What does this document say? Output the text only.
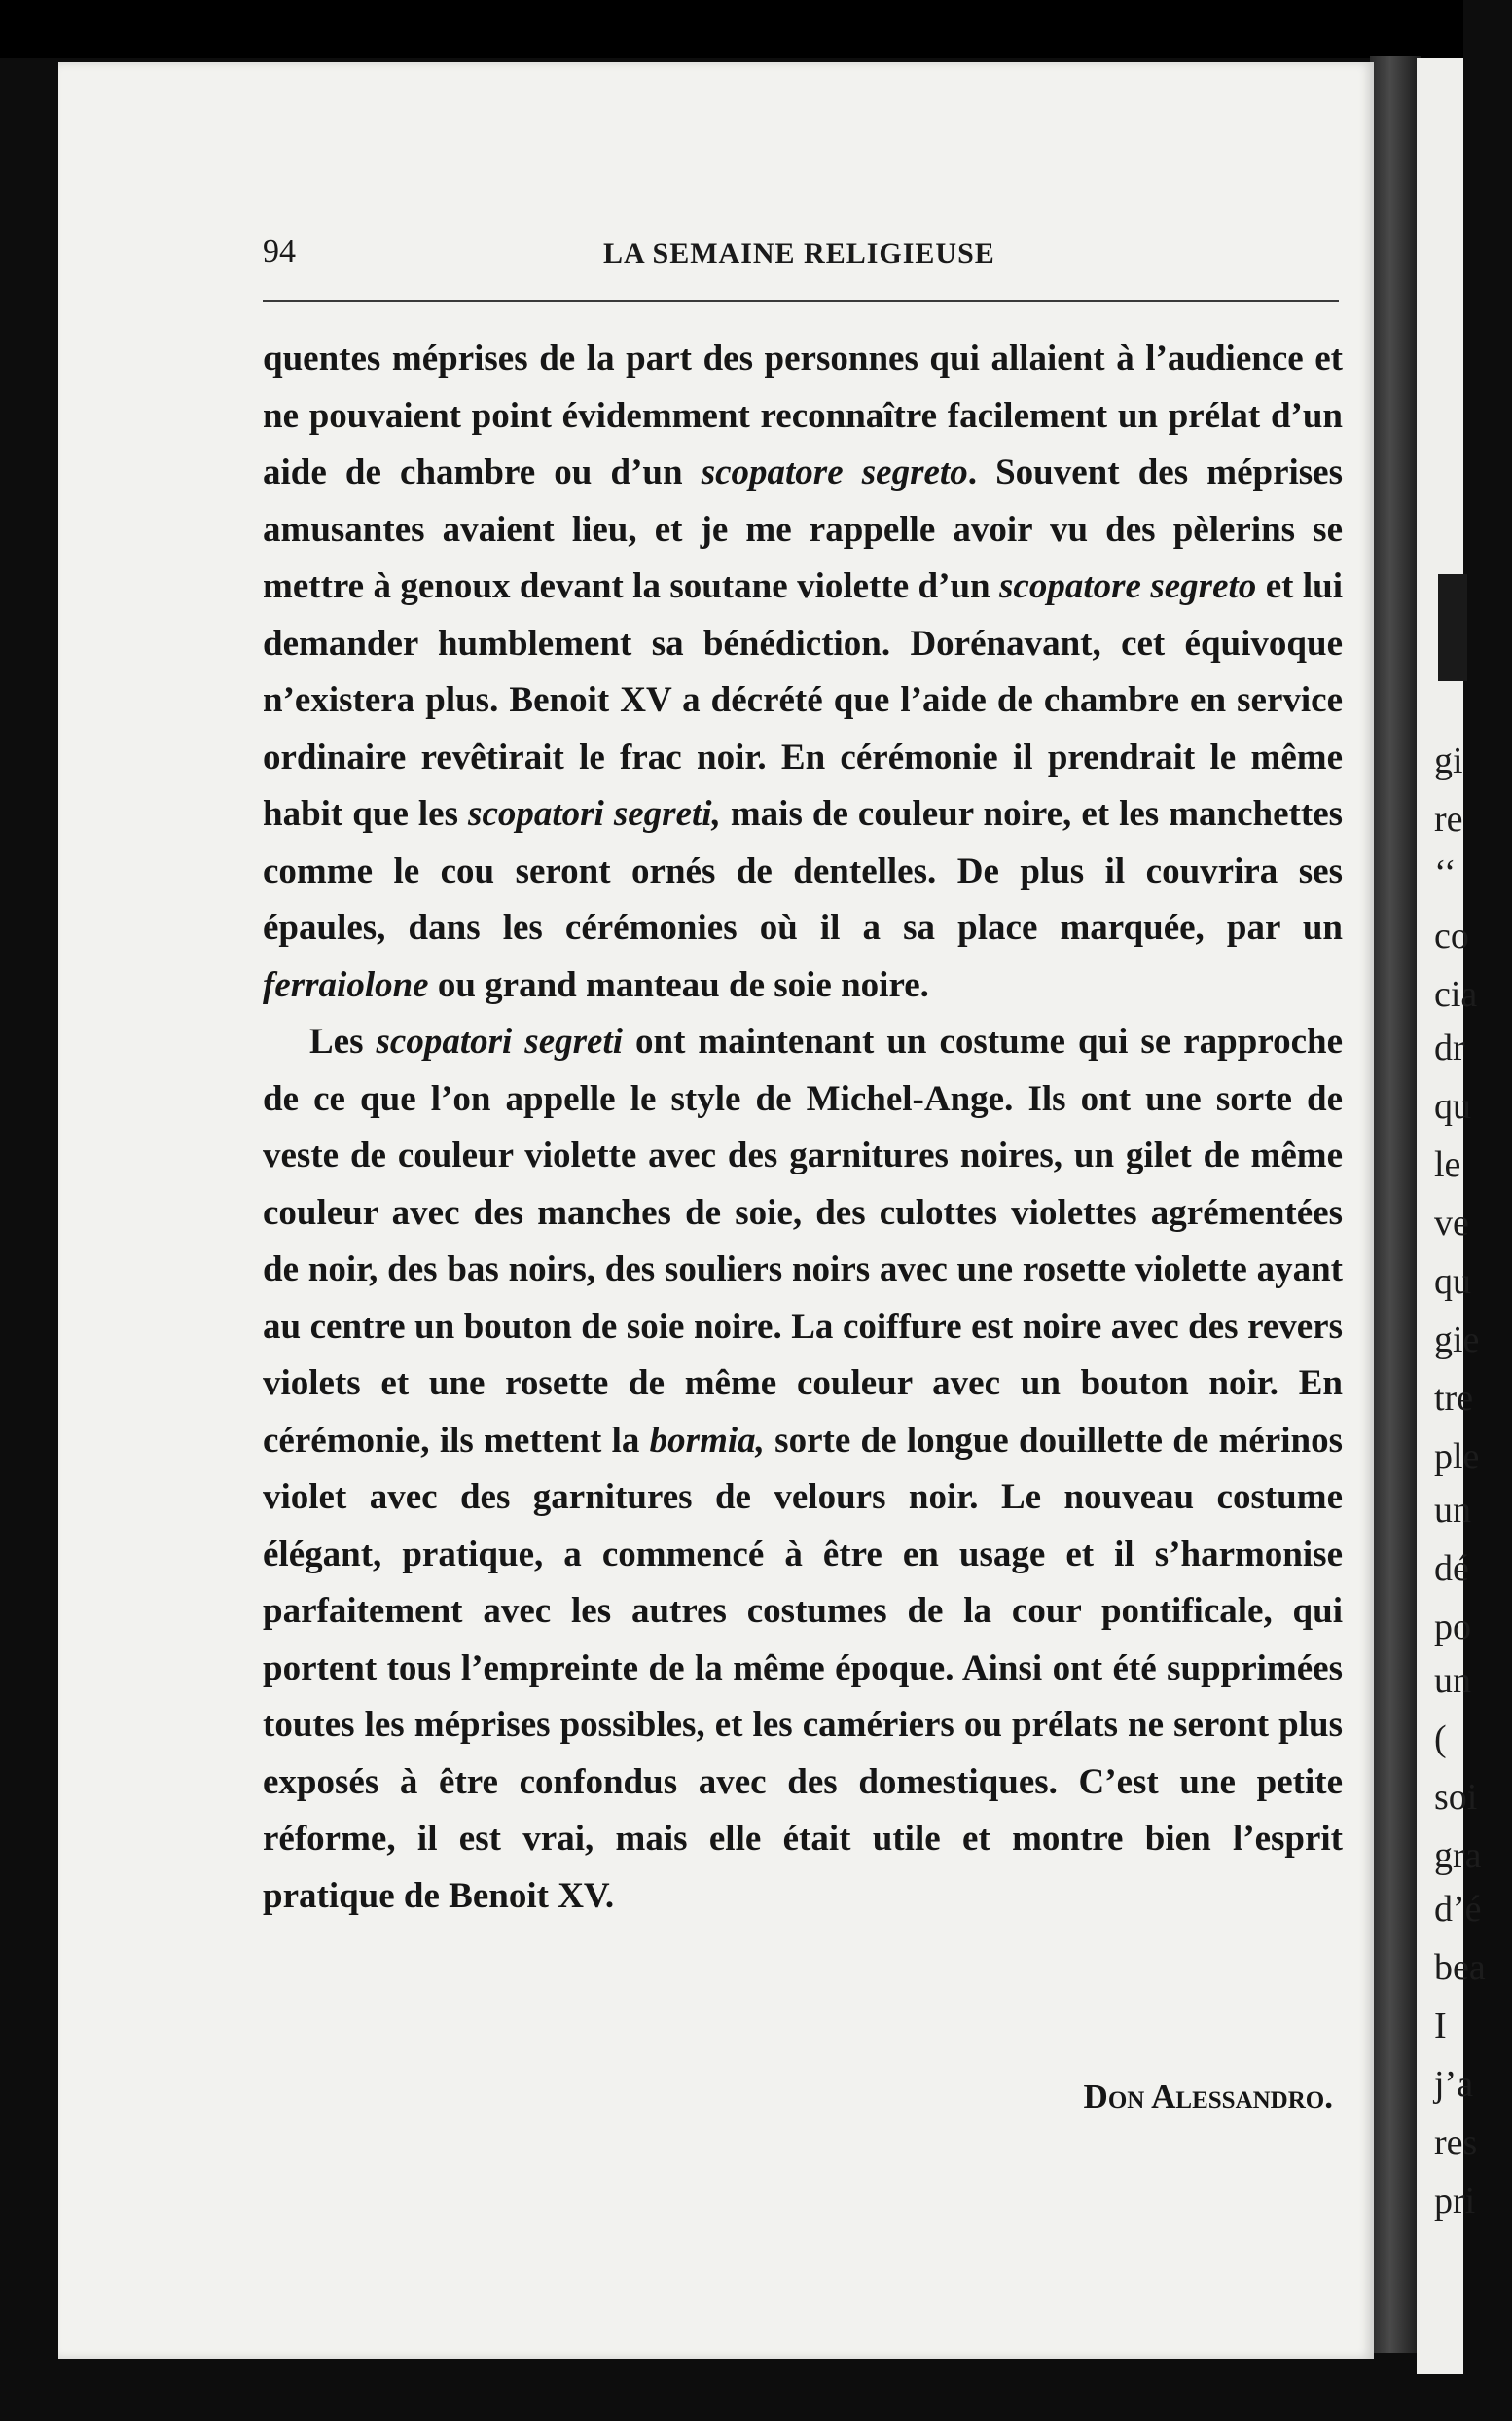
gi
re
‘‘
co
cia
dr
qu
le
ve
qu
gie
tre
ple
un
dé
po
un
(
soi
gra
d’é
bea
I
j’a
res
pri
94	LA SEMAINE RELIGIEUSE

quentes méprises de la part des personnes qui allaient à l’audience et ne pouvaient point évidemment reconnaître facilement un prélat d’un aide de chambre ou d’un scopatore segreto. Souvent des méprises amusantes avaient lieu, et je me rappelle avoir vu des pèlerins se mettre à genoux devant la soutane violette d’un scopatore segreto et lui demander humblement sa bénédiction. Dorénavant, cet équivoque n’existera plus. Benoit XV a décrété que l’aide de chambre en service ordinaire revêtirait le frac noir. En cérémonie il prendrait le même habit que les scopatori segreti, mais de couleur noire, et les manchettes comme le cou seront ornés de dentelles. De plus il couvrira ses épaules, dans les cérémonies où il a sa place marquée, par un ferraiolone ou grand manteau de soie noire.

Les scopatori segreti ont maintenant un costume qui se rapproche de ce que l’on appelle le style de Michel-Ange. Ils ont une sorte de veste de couleur violette avec des garnitures noires, un gilet de même couleur avec des manches de soie, des culottes violettes agrémentées de noir, des bas noirs, des souliers noirs avec une rosette violette ayant au centre un bouton de soie noire. La coiffure est noire avec des revers violets et une rosette de même couleur avec un bouton noir. En cérémonie, ils mettent la bormia, sorte de longue douillette de mérinos violet avec des garnitures de velours noir. Le nouveau costume élégant, pratique, a commencé à être en usage et il s’harmonise parfaitement avec les autres costumes de la cour pontificale, qui portent tous l’empreinte de la même époque. Ainsi ont été supprimées toutes les méprises possibles, et les camériers ou prélats ne seront plus exposés à être confondus avec des domestiques. C’est une petite réforme, il est vrai, mais elle était utile et montre bien l’esprit pratique de Benoit XV.

Don Alessandro.
